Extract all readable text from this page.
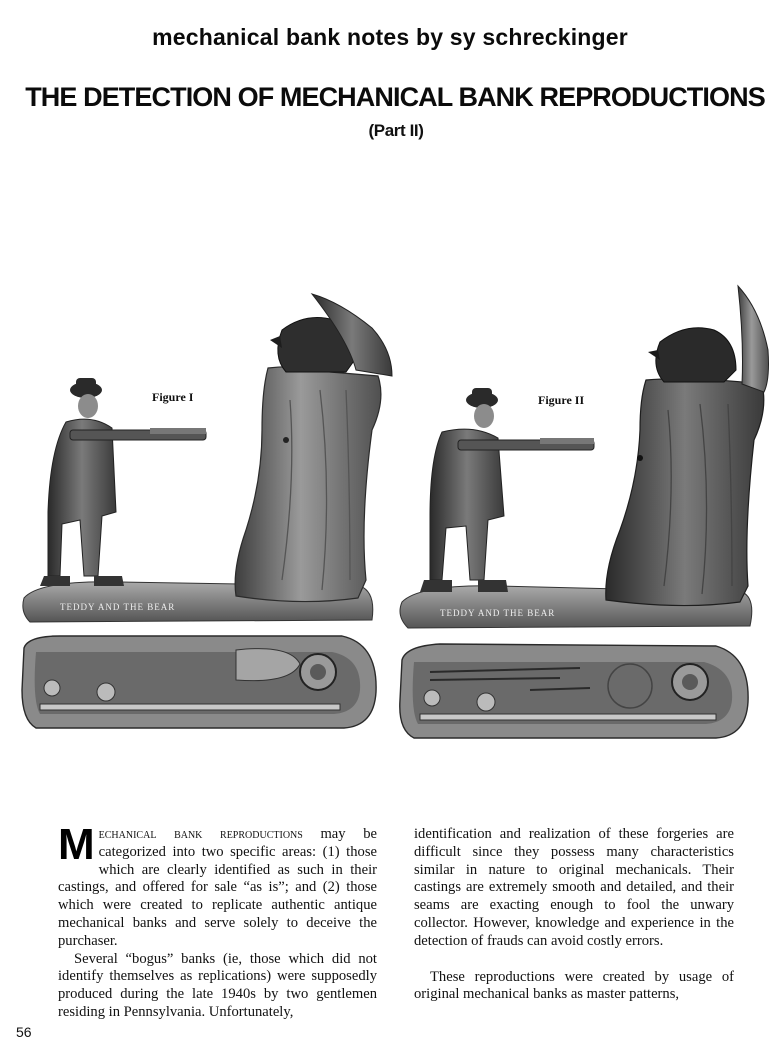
mechanical bank notes by sy schreckinger
THE DETECTION OF MECHANICAL BANK REPRODUCTIONS
(Part II)
TEDDY AND THE BEAR
TEDDY AND THE BEAR
Figure I	Figure II

Mechanical bank reproductions may be categorized into two specific areas: (1) those which are clearly identified as such in their castings, and offered for sale “as is”; and (2) those which were created to replicate authentic antique mechanical banks and serve solely to deceive the purchaser.

Several “bogus” banks (ie, those which did not identify themselves as replications) were supposedly produced during the late 1940s by two gentlemen residing in Pennsylvania. Unfortunately,

identification and realization of these forgeries are difficult since they possess many characteristics similar in nature to original mechanicals. Their castings are extremely smooth and detailed, and their seams are exacting enough to fool the unwary collector. However, knowledge and experience in the detection of frauds can avoid costly errors.

These reproductions were created by usage of original mechanical banks as master patterns,

56
